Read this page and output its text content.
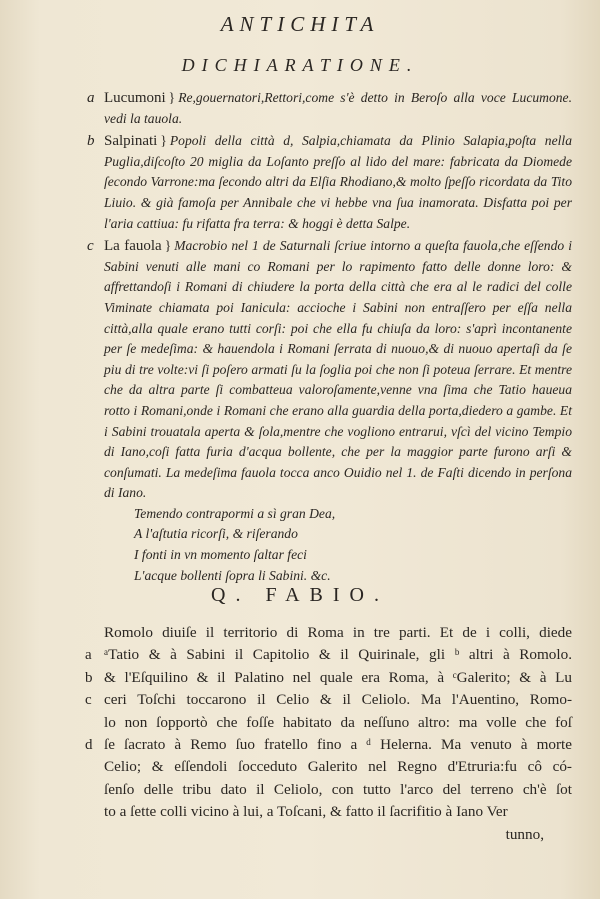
ANTICHITA
DICHIARATIONE.
a Lucumoni } Re,gouernatori,Rettori,come s'è detto in Beroſo alla voce Lucumone. vedi la tauola.
b Salpinati } Popoli della città d, Salpia,chiamata da Plinio Salapia,poſta nella Puglia,diſcoſto 20 miglia da Loſanto preſſo al lido del mare: fabricata da Diomede ſecondo Varrone:ma ſecondo altri da Elſia Rhodiano,& molto ſpeſſo ricordata da Tito Liuio. & già famoſa per Annibale che vi hebbe vna ſua inamorata. Disfatta poi per l'aria cattiua: fu rifatta fra terra: & hoggi è detta Salpe.
c La fauola } Macrobio nel 1 de Saturnali ſcriue intorno a queſta fauola,che eſſendo i Sabini venuti alle mani co Romani per lo rapimento fatto delle donne loro: & affrettandoſi i Romani di chiudere la porta della città che era al le radici del colle Viminate chiamata poi Ianicula: accioche i Sabini non entraſſero per eſſa nella città,alla quale erano tutti corſi: poi che ella fu chiuſa da loro: s'aprì incontanente per ſe medeſima: & hauendola i Romani ſerrata di nuouo,& di nuouo apertaſi da ſe piu di tre volte:vi ſi poſero armati ſu la ſoglia poi che non ſi poteua ſerrare. Et mentre che da altra parte ſi combatteua valoroſamente,venne vna ſima che Tatio haueua rotto i Romani,onde i Romani che erano alla guardia della porta,diedero a gambe. Et i Sabini trouatala aperta & ſola,mentre che vogliono entrarui, vſcì del vicino Tempio di Iano,coſi fatta furia d'acqua bollente, che per la maggior parte furono arſi & conſumati. La medeſima fauola tocca anco Ouidio nel 1. de Faſti dicendo in perſona di Iano.
Temendo contrapormi a sì gran Dea,
A l'aſtutia ricorſi, & riſerando
I fonti in vn momento ſaltar feci
L'acque bollenti ſopra li Sabini. &c.
Q. FABIO.
Romolo diuiſe il territorio di Roma in tre parti. Et de i colli, diede
a ᵃTatio & à Sabini il Capitolio & il Quirinale, gli ᵇ altri à Romolo.
b & l'Eſquilino & il Palatino nel quale era Roma, à ᶜGalerito; & à Lu
c ceri Toſchi toccarono il Celio & il Celiolo. Ma l'Auentino, Romo-
lo non ſopportò che foſſe habitato da neſſuno altro: ma volle che foſ
d ſe ſacrato à Remo ſuo fratello fino a ᵈ Helerna. Ma venuto à morte
Celio; & eſſendoli ſocceduto Galerito nel Regno d'Etruria:fu cô có-
ſenſo delle tribu dato il Celiolo, con tutto l'arco del terreno ch'è ſot
to a ſette colli vicino à lui, a Toſcani, & fatto il ſacrifitio à Iano Ver
tunno,
